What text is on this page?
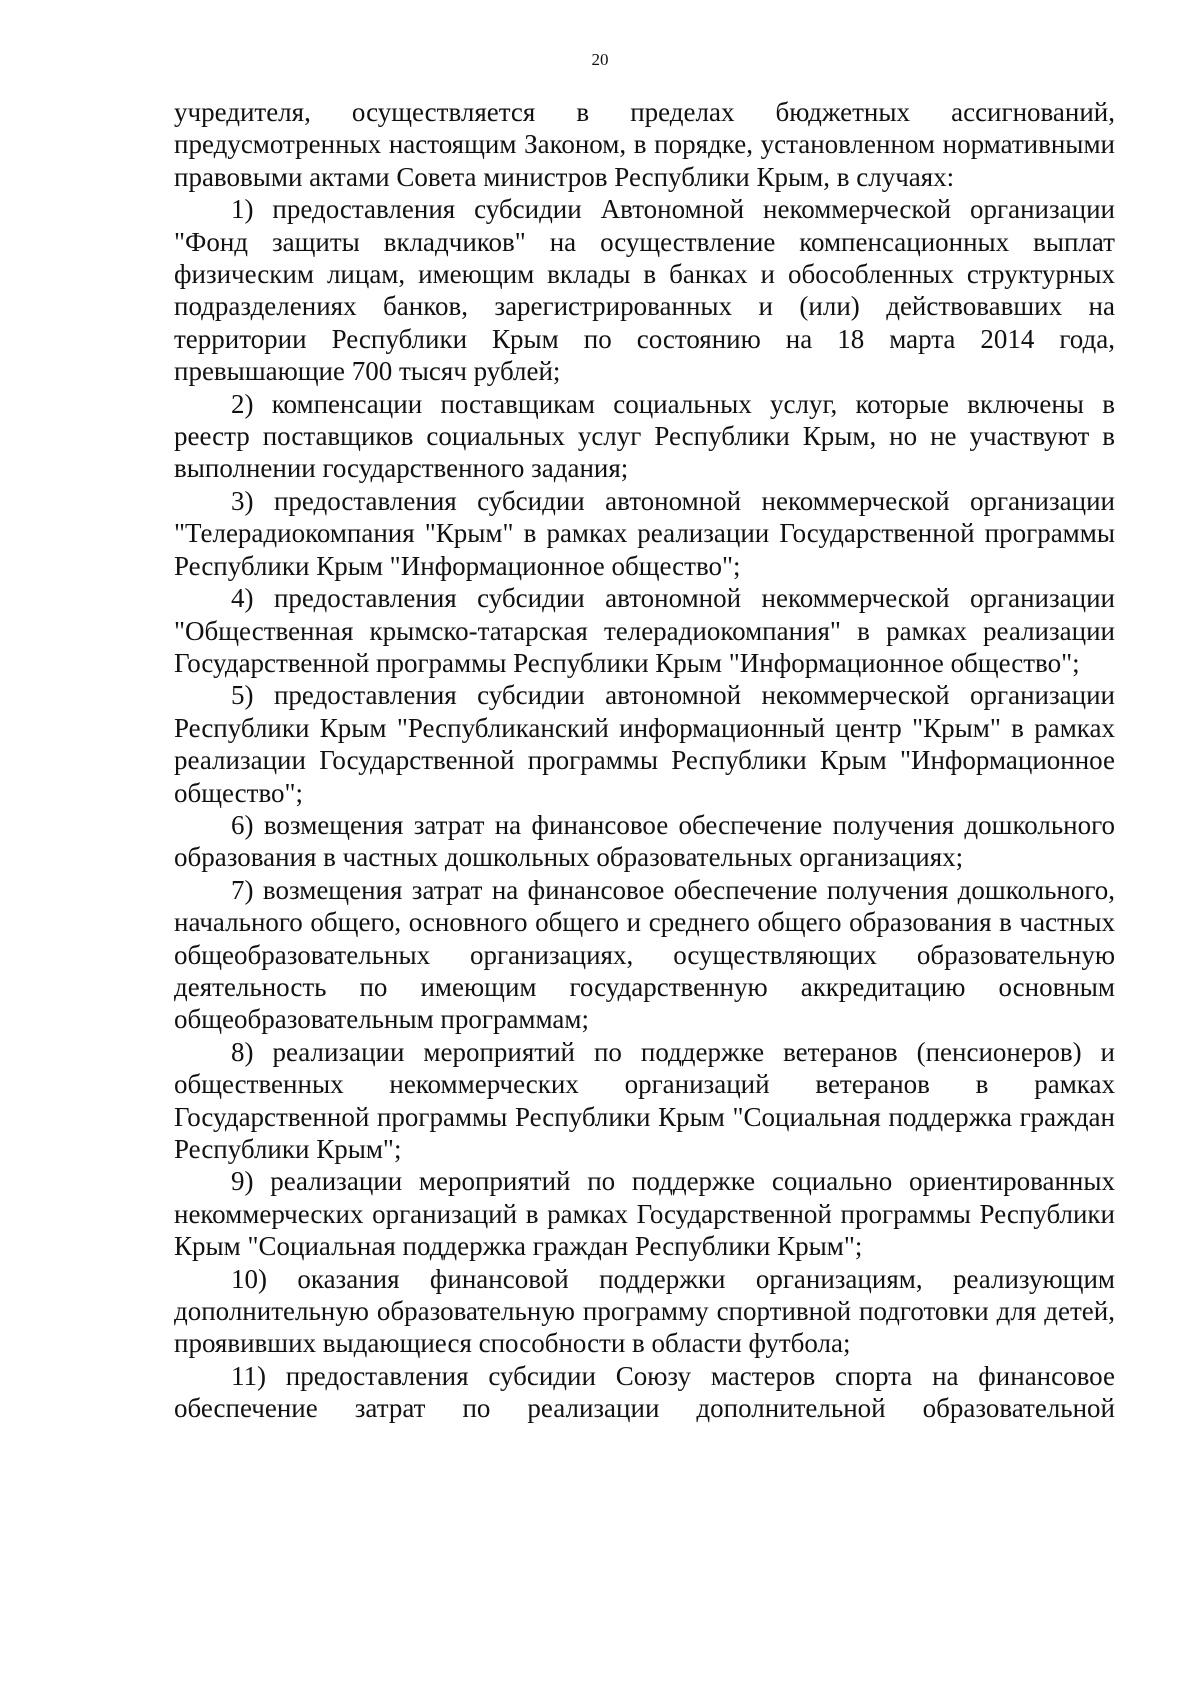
20

учредителя, осуществляется в пределах бюджетных ассигнований, предусмотренных настоящим Законом, в порядке, установленном нормативными правовыми актами Совета министров Республики Крым, в случаях:

1) предоставления субсидии Автономной некоммерческой организации "Фонд защиты вкладчиков" на осуществление компенсационных выплат физическим лицам, имеющим вклады в банках и обособленных структурных подразделениях банков, зарегистрированных и (или) действовавших на территории Республики Крым по состоянию на 18 марта 2014 года, превышающие 700 тысяч рублей;

2) компенсации поставщикам социальных услуг, которые включены в реестр поставщиков социальных услуг Республики Крым, но не участвуют в выполнении государственного задания;

3) предоставления субсидии автономной некоммерческой организации "Телерадиокомпания "Крым" в рамках реализации Государственной программы Республики Крым "Информационное общество";

4) предоставления субсидии автономной некоммерческой организации "Общественная крымско-татарская телерадиокомпания" в рамках реализации Государственной программы Республики Крым "Информационное общество";

5) предоставления субсидии автономной некоммерческой организации Республики Крым "Республиканский информационный центр "Крым" в рамках реализации Государственной программы Республики Крым "Информационное общество";

6) возмещения затрат на финансовое обеспечение получения дошкольного образования в частных дошкольных образовательных организациях;

7) возмещения затрат на финансовое обеспечение получения дошкольного, начального общего, основного общего и среднего общего образования в частных общеобразовательных организациях, осуществляющих образовательную деятельность по имеющим государственную аккредитацию основным общеобразовательным программам;

8) реализации мероприятий по поддержке ветеранов (пенсионеров) и общественных некоммерческих организаций ветеранов в рамках Государственной программы Республики Крым "Социальная поддержка граждан Республики Крым";

9) реализации мероприятий по поддержке социально ориентированных некоммерческих организаций в рамках Государственной программы Республики Крым "Социальная поддержка граждан Республики Крым";

10) оказания финансовой поддержки организациям, реализующим дополнительную образовательную программу спортивной подготовки для детей, проявивших выдающиеся способности в области футбола;

11) предоставления субсидии Союзу мастеров спорта на финансовое обеспечение затрат по реализации дополнительной образовательной
